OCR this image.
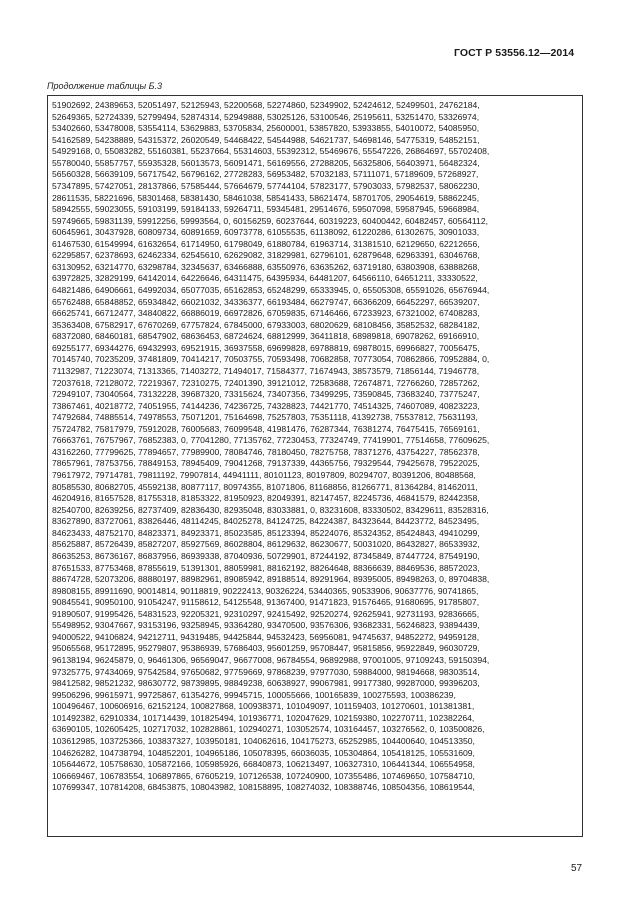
ГОСТ Р 53556.12—2014
Продолжение таблицы Б.3
51902692, 24389653, 52051497, 52125943, 52200568, 52274860, 52349902, 52424612, 52499501, 24762184,
52649365, 52724339, 52799494, 52874314, 52949888, 53025126, 53100546, 25195611, 53251470, 53326974,
53402660, 53478008, 53554114, 53629883, 53705834, 25600001, 53857820, 53933855, 54010072, 54085950,
54162589, 54238889, 54315372, 26020549, 54468422, 54544988, 54621737, 54698146, 54775319, 54852151,
54929168, 0, 55083282, 55160381, 55237664, 55314603, 55392312, 55469676, 55547226, 26864697, 55702408,
55780040, 55857757, 55935328, 56013573, 56091471, 56169556, 27288205, 56325806, 56403971, 56482324,
56560328, 56639109, 56717542, 56796162, 27728283, 56953482, 57032183, 57111071, 57189609, 57268927,
57347895, 57427051, 28137866, 57585444, 57664679, 57744104, 57823177, 57903033, 57982537, 58062230,
28611535, 58221696, 58301468, 58381430, 58461038, 58541433, 58621474, 58701705, 29054619, 58862245,
58942555, 59023055, 59103199, 59184133, 59264711, 59345481, 29514676, 59507098, 59587945, 59668984,
59749665, 59831139, 59912256, 59993564, 0, 60156259, 60237644, 60319223, 60400442, 60482457, 60564112,
60645961, 30437928, 60809734, 60891659, 60973778, 61055535, 61138092, 61220286, 61302675, 30901033,
61467530, 61549994, 61632654, 61714950, 61798049, 61880784, 61963714, 31381510, 62129650, 62212656,
62295857, 62378693, 62462334, 62545610, 62629082, 31829981, 62796101, 62879648, 62963391, 63046768,
63130952, 63214770, 63298784, 32345637, 63466888, 63550976, 63635262, 63719180, 63803908, 63888268,
63972825, 32829199, 64142014, 64226646, 64311475, 64395934, 64481207, 64566110, 64651211, 33330522,
64821486, 64906661, 64992034, 65077035, 65162853, 65248299, 65333945, 0, 65505308, 65591026, 65676944,
65762488, 65848852, 65934842, 66021032, 34336377, 66193484, 66279747, 66366209, 66452297, 66539207,
66625741, 66712477, 34840822, 66886019, 66972826, 67059835, 67146466, 67233923, 67321002, 67408283,
35363408, 67582917, 67670269, 67757824, 67845000, 67933003, 68020629, 68108456, 35852532, 68284182,
68372080, 68460181, 68547902, 68636453, 68724624, 68812999, 36411818, 68989818, 69078262, 69166910,
69255177, 69344276, 69432993, 69521915, 36937558, 69699828, 69788819, 69878015, 69966827, 70056475,
70145740, 70235209, 37481809, 70414217, 70503755, 70593498, 70682858, 70773054, 70862866, 70952884, 0,
71132987, 71223074, 71313365, 71403272, 71494017, 71584377, 71674943, 38573579, 71856144, 71946778,
72037618, 72128072, 72219367, 72310275, 72401390, 39121012, 72583688, 72674871, 72766260, 72857262,
72949107, 73040564, 73132228, 39687320, 73315624, 73407356, 73499295, 73590845, 73683240, 73775247,
73867461, 40218772, 74051955, 74144236, 74236725, 74328823, 74421770, 74514325, 74607089, 40823223,
74792684, 74885514, 74978553, 75071201, 75164698, 75257803, 75351118, 41392738, 75537812, 75631193,
75724782, 75817979, 75912028, 76005683, 76099548, 41981476, 76287344, 76381274, 76475415, 76569161,
76663761, 76757967, 76852383, 0, 77041280, 77135762, 77230453, 77324749, 77419901, 77514658, 77609625,
43162260, 77799625, 77894657, 77989900, 78084746, 78180450, 78275758, 78371276, 43754227, 78562378,
78657961, 78753756, 78849153, 78945409, 79041268, 79137339, 44365756, 79329544, 79425678, 79522025,
79617972, 79714781, 79811192, 79907814, 44941111, 80101123, 80197809, 80294707, 80391206, 80488568,
80585530, 80682705, 45592138, 80877117, 80974355, 81071806, 81168856, 81266771, 81364284, 81462011,
46204916, 81657528, 81755318, 81853322, 81950923, 82049391, 82147457, 82245736, 46841579, 82442358,
82540700, 82639256, 82737409, 82836430, 82935048, 83033881, 0, 83231608, 83330502, 83429611, 83528316,
83627890, 83727061, 83826446, 48114245, 84025278, 84124725, 84224387, 84323644, 84423772, 84523495,
84623433, 48752170, 84823371, 84923371, 85023585, 85123394, 85224076, 85324352, 85424843, 49410299,
85625887, 85726439, 85827207, 85927569, 86028804, 86129632, 86230677, 50031020, 86432827, 86533932,
86635253, 86736167, 86837956, 86939338, 87040936, 50729901, 87244192, 87345849, 87447724, 87549190,
87651533, 87753468, 87855619, 51391301, 88059981, 88162192, 88264648, 88366639, 88469536, 88572023,
88674728, 52073206, 88880197, 88982961, 89085942, 89188514, 89291964, 89395005, 89498263, 0, 89704838,
89808155, 89911690, 90014814, 90118819, 90222413, 90326224, 53440365, 90533906, 90637776, 90741865,
90845541, 90950100, 91054247, 91158612, 54125548, 91367400, 91471823, 91576465, 91680695, 91785807,
91890507, 91995426, 54831523, 92205321, 92310297, 92415492, 92520274, 92625941, 92731193, 92836665,
55498952, 93047667, 93153196, 93258945, 93364280, 93470500, 93576306, 93682331, 56246823, 93894439,
94000522, 94106824, 94212711, 94319485, 94425844, 94532423, 56956081, 94745637, 94852272, 94959128,
95065568, 95172895, 95279807, 95386939, 57686403, 95601259, 95708447, 95815856, 95922849, 96030729,
96138194, 96245879, 0, 96461306, 96569047, 96677008, 96784554, 96892988, 97001005, 97109243, 59150394,
97325775, 97434069, 97542584, 97650682, 97759669, 97868239, 97977030, 59884000, 98194668, 98303514,
98412582, 98521232, 98630772, 98739895, 98849238, 60638927, 99067981, 99177380, 99287000, 99396203,
99506296, 99615971, 99725867, 61354276, 99945715, 100055666, 100165839, 100275593, 100386239,
100496467, 100606916, 62152124, 100827868, 100938371, 101049097, 101159403, 101270601, 101381381,
101492382, 62910334, 101714439, 101825494, 101936771, 102047629, 102159380, 102270711, 102382264,
63690105, 102605425, 102717032, 102828861, 102940271, 103052574, 103164457, 103276562, 0, 103500826,
103612985, 103725366, 103837327, 103950181, 104062616, 104175273, 65252985, 104400640, 104513350,
104626282, 104738794, 104852201, 104965186, 105078395, 66036035, 105304864, 105418125, 105531609,
105644672, 105758630, 105872166, 105985926, 66840873, 106213497, 106327310, 106441344, 106554958,
106669467, 106783554, 106897865, 67605219, 107126538, 107240900, 107355486, 107469650, 107584710,
107699347, 107814208, 68453875, 108043982, 108158895, 108274032, 108388746, 108504356, 108619544,
57
